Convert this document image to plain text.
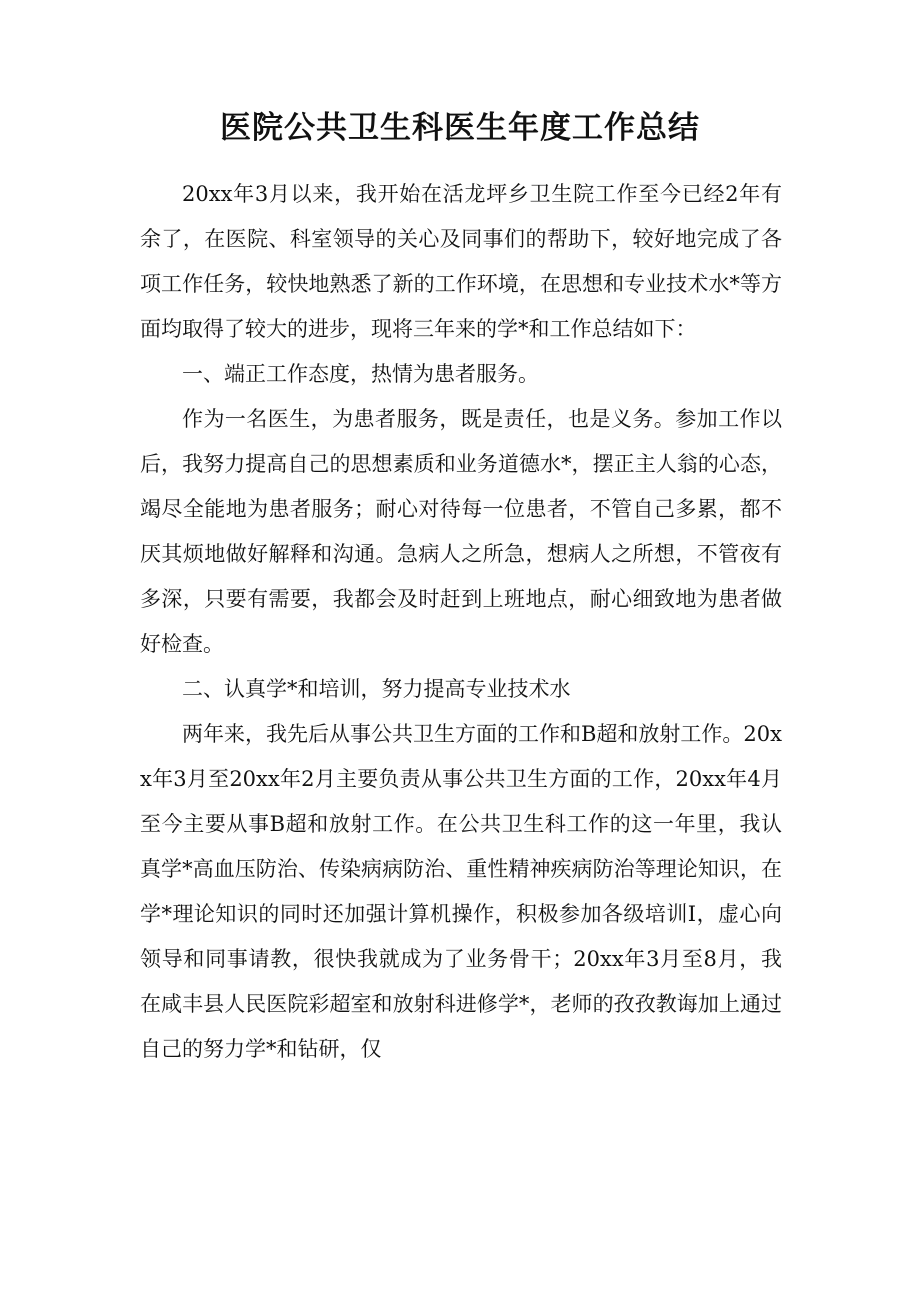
医院公共卫生科医生年度工作总结

20xx年3月以来，我开始在活龙坪乡卫生院工作至今已经2年有余了，在医院、科室领导的关心及同事们的帮助下，较好地完成了各项工作任务，较快地熟悉了新的工作环境，在思想和专业技术水*等方面均取得了较大的进步，现将三年来的学*和工作总结如下：

一、端正工作态度，热情为患者服务。

作为一名医生，为患者服务，既是责任，也是义务。参加工作以后，我努力提高自己的思想素质和业务道德水*，摆正主人翁的心态，竭尽全能地为患者服务；耐心对待每一位患者，不管自己多累，都不厌其烦地做好解释和沟通。急病人之所急，想病人之所想，不管夜有多深，只要有需要，我都会及时赶到上班地点，耐心细致地为患者做好检查。

二、认真学*和培训，努力提高专业技术水

两年来，我先后从事公共卫生方面的工作和B超和放射工作。20xx年3月至20xx年2月主要负责从事公共卫生方面的工作，20xx年4月至今主要从事B超和放射工作。在公共卫生科工作的这一年里，我认真学*高血压防治、传染病病防治、重性精神疾病防治等理论知识，在学*理论知识的同时还加强计算机操作，积极参加各级培训I，虚心向领导和同事请教，很快我就成为了业务骨干；20xx年3月至8月，我在咸丰县人民医院彩超室和放射科进修学*，老师的孜孜教诲加上通过自己的努力学*和钻研，仅
